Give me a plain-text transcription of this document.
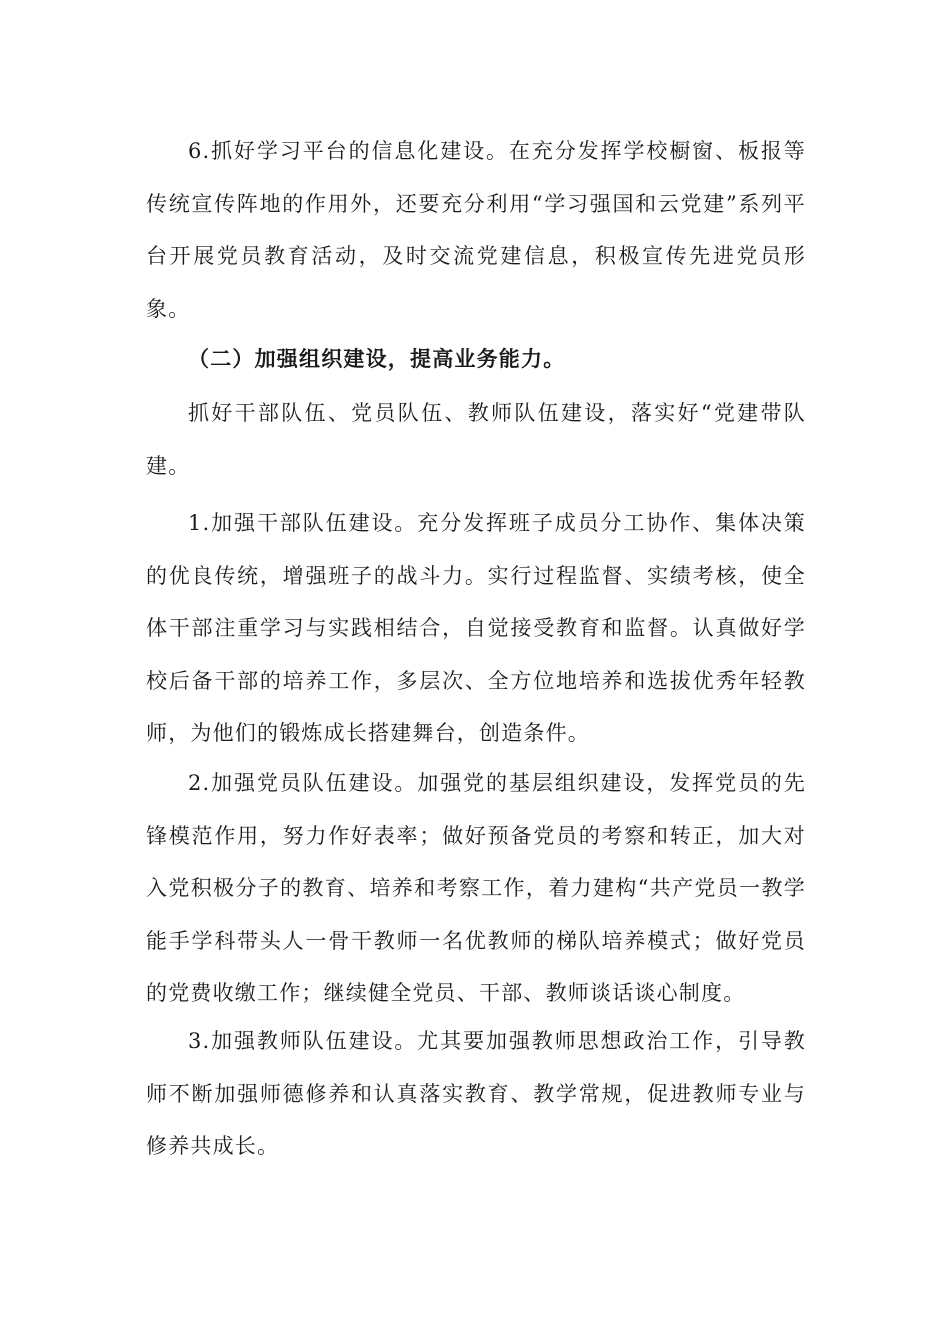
6.抓好学习平台的信息化建设。在充分发挥学校橱窗、板报等传统宣传阵地的作用外，还要充分利用“学习强国和云党建”系列平台开展党员教育活动，及时交流党建信息，积极宣传先进党员形象。

（二）加强组织建设，提高业务能力。

抓好干部队伍、党员队伍、教师队伍建设，落实好“党建带队建。

1.加强干部队伍建设。充分发挥班子成员分工协作、集体决策的优良传统，增强班子的战斗力。实行过程监督、实绩考核，使全体干部注重学习与实践相结合，自觉接受教育和监督。认真做好学校后备干部的培养工作，多层次、全方位地培养和选拔优秀年轻教师，为他们的锻炼成长搭建舞台，创造条件。

2.加强党员队伍建设。加强党的基层组织建设，发挥党员的先锋模范作用，努力作好表率；做好预备党员的考察和转正，加大对入党积极分子的教育、培养和考察工作，着力建构“共产党员一教学能手学科带头人一骨干教师一名优教师的梯队培养模式；做好党员的党费收缴工作；继续健全党员、干部、教师谈话谈心制度。

3.加强教师队伍建设。尤其要加强教师思想政治工作，引导教师不断加强师德修养和认真落实教育、教学常规，促进教师专业与修养共成长。
